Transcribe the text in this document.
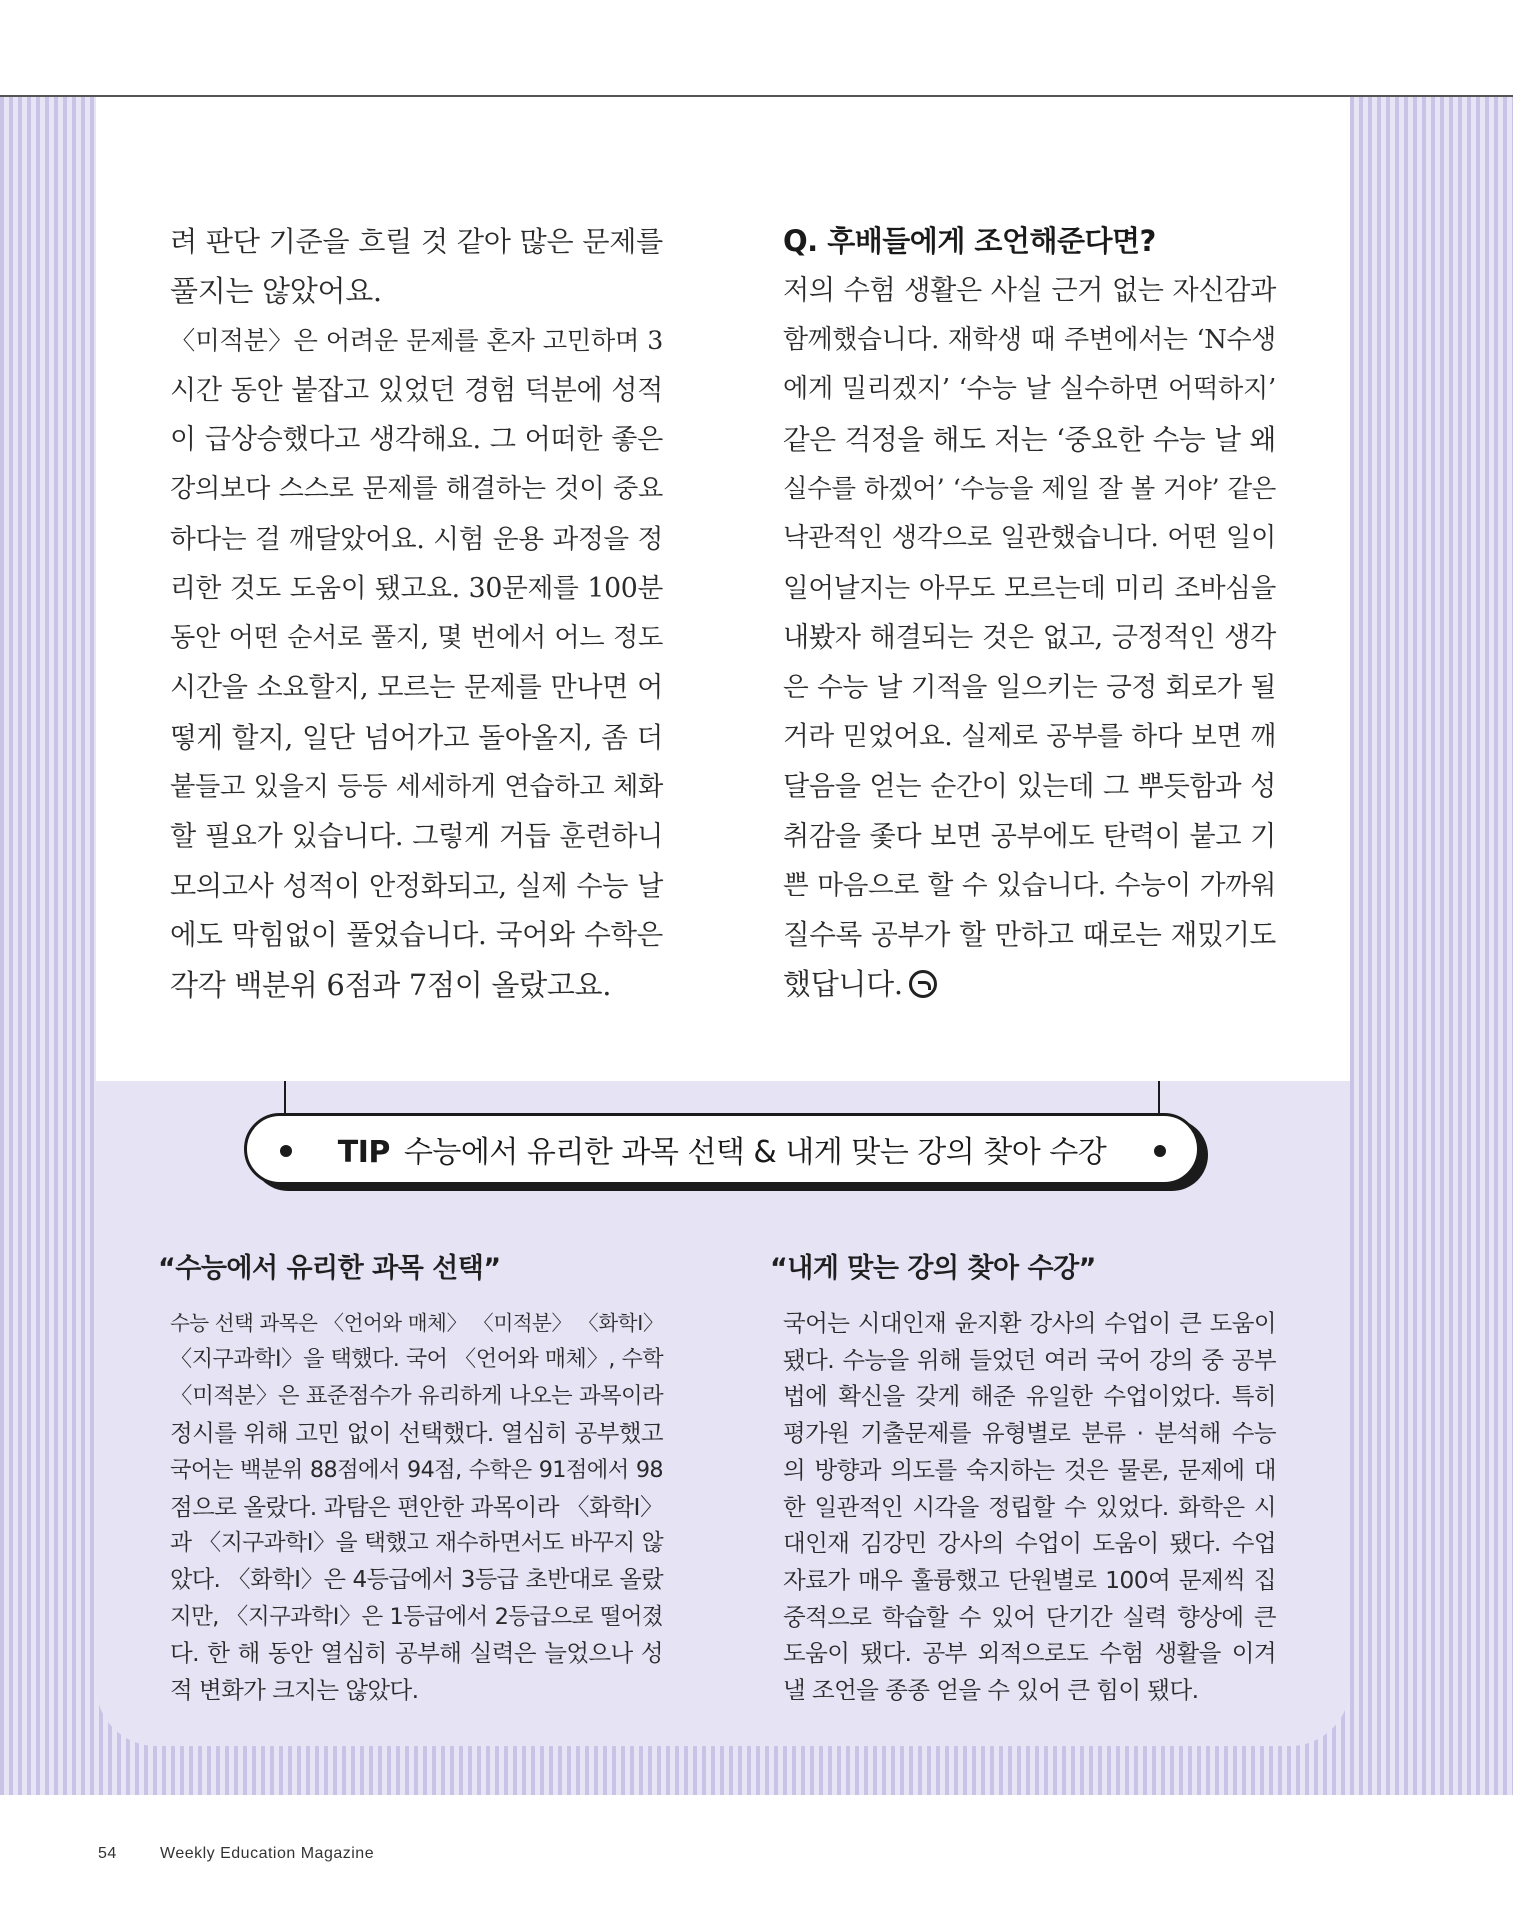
려 판단 기준을 흐릴 것 같아 많은 문제를
풀지는 않았어요.
〈미적분〉은 어려운 문제를 혼자 고민하며 3
시간 동안 붙잡고 있었던 경험 덕분에 성적
이 급상승했다고 생각해요. 그 어떠한 좋은
강의보다 스스로 문제를 해결하는 것이 중요
하다는 걸 깨달았어요. 시험 운용 과정을 정
리한 것도 도움이 됐고요. 30문제를 100분
동안 어떤 순서로 풀지, 몇 번에서 어느 정도
시간을 소요할지, 모르는 문제를 만나면 어
떻게 할지, 일단 넘어가고 돌아올지, 좀 더
붙들고 있을지 등등 세세하게 연습하고 체화
할 필요가 있습니다. 그렇게 거듭 훈련하니
모의고사 성적이 안정화되고, 실제 수능 날
에도 막힘없이 풀었습니다. 국어와 수학은
각각 백분위 6점과 7점이 올랐고요.
Q. 후배들에게 조언해준다면?
저의 수험 생활은 사실 근거 없는 자신감과
함께했습니다. 재학생 때 주변에서는 ‘N수생
에게 밀리겠지’ ‘수능 날 실수하면 어떡하지’
같은 걱정을 해도 저는 ‘중요한 수능 날 왜
실수를 하겠어’ ‘수능을 제일 잘 볼 거야’ 같은
낙관적인 생각으로 일관했습니다. 어떤 일이
일어날지는 아무도 모르는데 미리 조바심을
내봤자 해결되는 것은 없고, 긍정적인 생각
은 수능 날 기적을 일으키는 긍정 회로가 될
거라 믿었어요. 실제로 공부를 하다 보면 깨
달음을 얻는 순간이 있는데 그 뿌듯함과 성
취감을 좇다 보면 공부에도 탄력이 붙고 기
쁜 마음으로 할 수 있습니다. 수능이 가까워
질수록 공부가 할 만하고 때로는 재밌기도
했답니다.
TIP 수능에서 유리한 과목 선택 & 내게 맞는 강의 찾아 수강
“수능에서 유리한 과목 선택”
수능 선택 과목은 〈언어와 매체〉 〈미적분〉 〈화학Ⅰ〉
〈지구과학Ⅰ〉을 택했다. 국어 〈언어와 매체〉, 수학
〈미적분〉은 표준점수가 유리하게 나오는 과목이라
정시를 위해 고민 없이 선택했다. 열심히 공부했고
국어는 백분위 88점에서 94점, 수학은 91점에서 98
점으로 올랐다. 과탐은 편안한 과목이라 〈화학Ⅰ〉
과 〈지구과학Ⅰ〉을 택했고 재수하면서도 바꾸지 않
았다. 〈화학Ⅰ〉은 4등급에서 3등급 초반대로 올랐
지만, 〈지구과학Ⅰ〉은 1등급에서 2등급으로 떨어졌
다. 한 해 동안 열심히 공부해 실력은 늘었으나 성
적 변화가 크지는 않았다.
“내게 맞는 강의 찾아 수강”
국어는 시대인재 윤지환 강사의 수업이 큰 도움이
됐다. 수능을 위해 들었던 여러 국어 강의 중 공부
법에 확신을 갖게 해준 유일한 수업이었다. 특히
평가원 기출문제를 유형별로 분류 · 분석해 수능
의 방향과 의도를 숙지하는 것은 물론, 문제에 대
한 일관적인 시각을 정립할 수 있었다. 화학은 시
대인재 김강민 강사의 수업이 도움이 됐다. 수업
자료가 매우 훌륭했고 단원별로 100여 문제씩 집
중적으로 학습할 수 있어 단기간 실력 향상에 큰
도움이 됐다. 공부 외적으로도 수험 생활을 이겨
낼 조언을 종종 얻을 수 있어 큰 힘이 됐다.
54	Weekly Education Magazine
